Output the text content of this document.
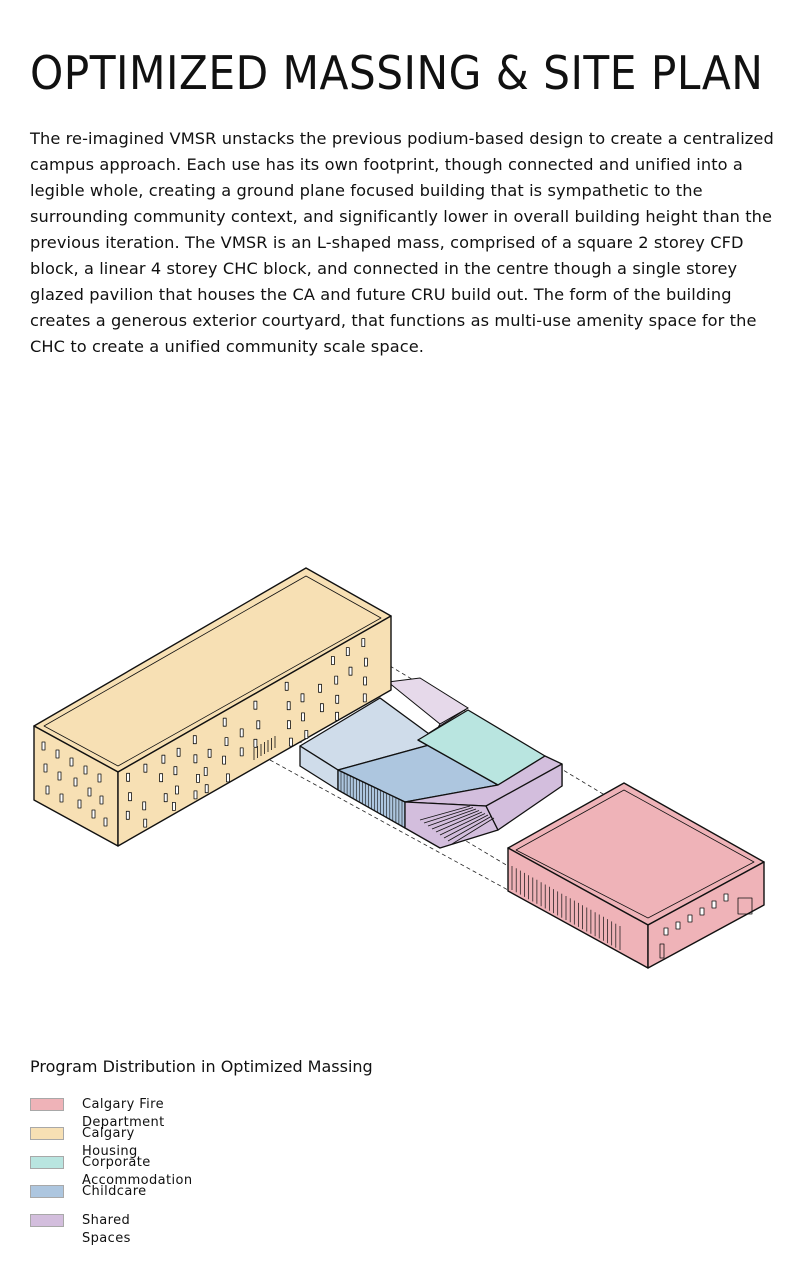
OPTIMIZED MASSING & SITE PLAN
The re-imagined VMSR unstacks the previous podium-based design to create a centralized campus approach. Each use has its own footprint, though connected and unified into a legible whole, creating a ground plane focused building that is sympathetic to the surrounding community context, and significantly lower in overall building height than the previous iteration. The VMSR is an L-shaped mass, comprised of a square 2 storey CFD block, a linear 4 storey CHC block, and connected in the centre though a single storey glazed pavilion that houses the CA and future CRU build out. The form of the building creates a generous exterior courtyard, that functions as multi-use amenity space for the CHC to create a unified community scale space.
Program Distribution in Optimized Massing
Calgary Fire Department
Calgary Housing
Corporate Accommodation
Childcare
Shared Spaces
